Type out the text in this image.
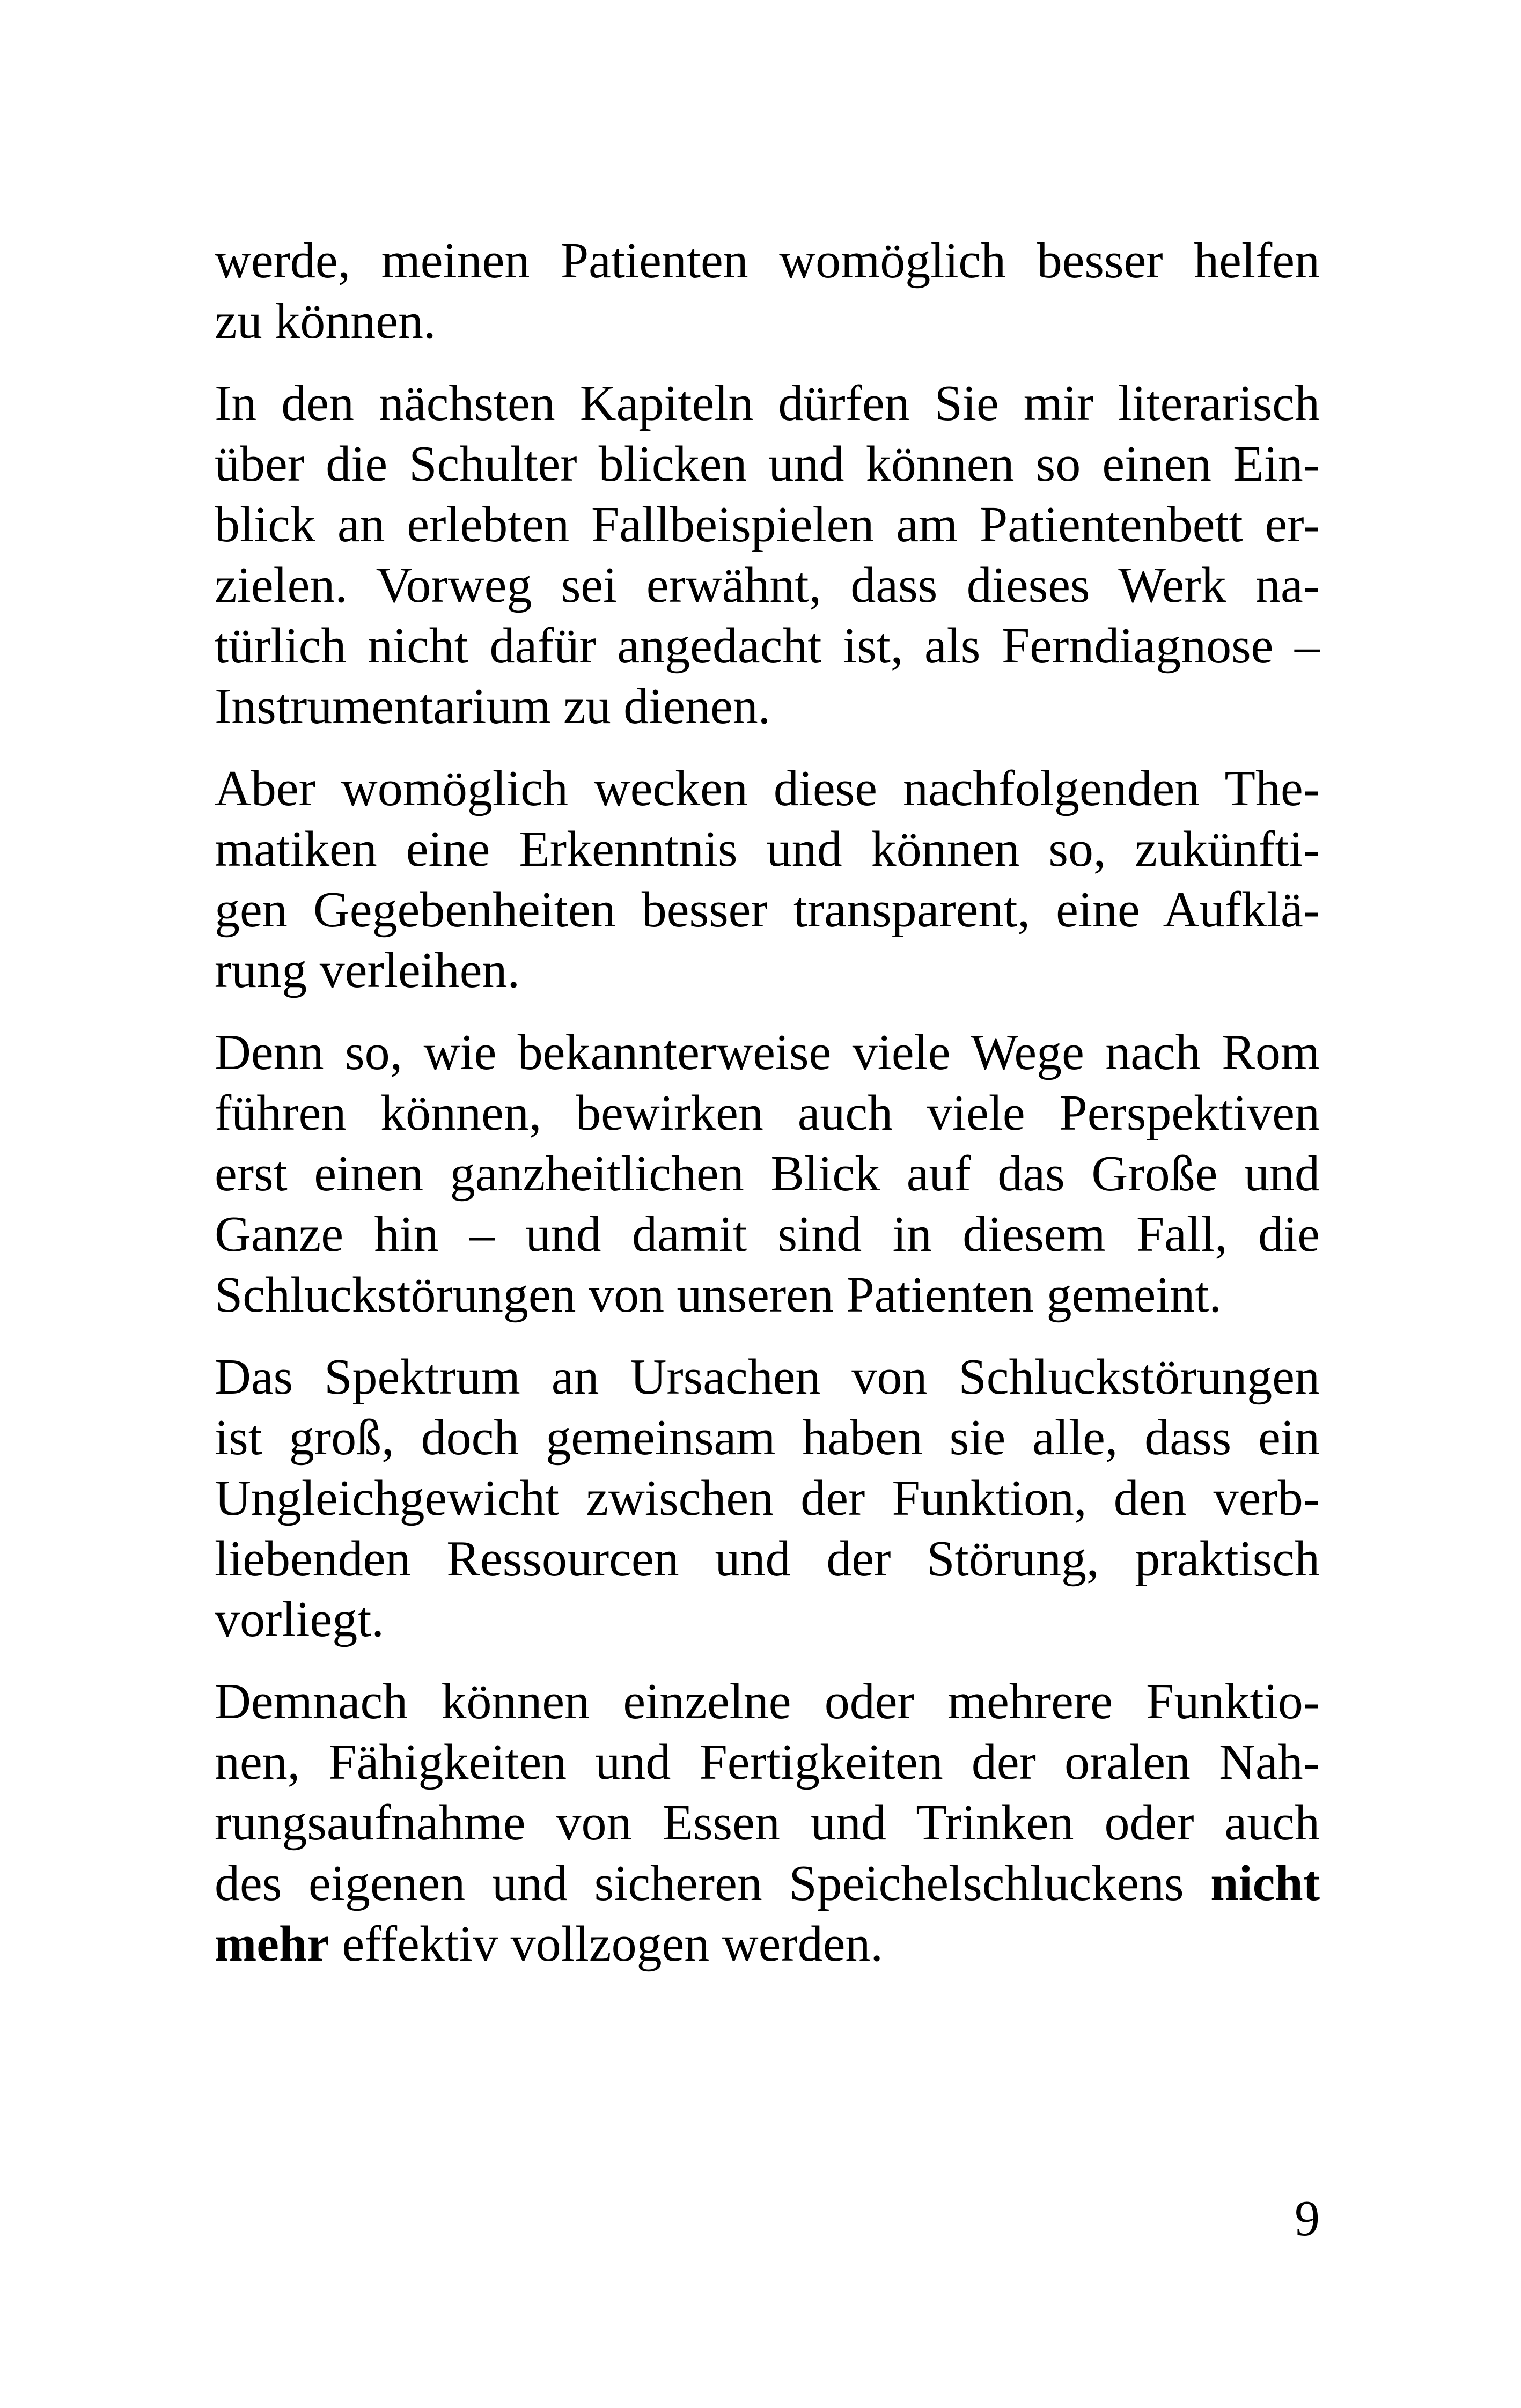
werde, meinen Patienten womöglich besser helfen
zu können.
In den nächsten Kapiteln dürfen Sie mir literarisch
über die Schulter blicken und können so einen Ein-
blick an erlebten Fallbeispielen am Patientenbett er-
zielen. Vorweg sei erwähnt, dass dieses Werk na-
türlich nicht dafür angedacht ist, als Ferndiagnose –
Instrumentarium zu dienen.
Aber womöglich wecken diese nachfolgenden The-
matiken eine Erkenntnis und können so, zukünfti-
gen Gegebenheiten besser transparent, eine Aufklä-
rung verleihen.
Denn so, wie bekannterweise viele Wege nach Rom
führen können, bewirken auch viele Perspektiven
erst einen ganzheitlichen Blick auf das Große und
Ganze hin – und damit sind in diesem Fall, die
Schluckstörungen von unseren Patienten gemeint.
Das Spektrum an Ursachen von Schluckstörungen
ist groß, doch gemeinsam haben sie alle, dass ein
Ungleichgewicht zwischen der Funktion, den verb-
liebenden Ressourcen und der Störung, praktisch
vorliegt.
Demnach können einzelne oder mehrere Funktio-
nen, Fähigkeiten und Fertigkeiten der oralen Nah-
rungsaufnahme von Essen und Trinken oder auch
des eigenen und sicheren Speichelschluckens nicht
mehr effektiv vollzogen werden.
9
